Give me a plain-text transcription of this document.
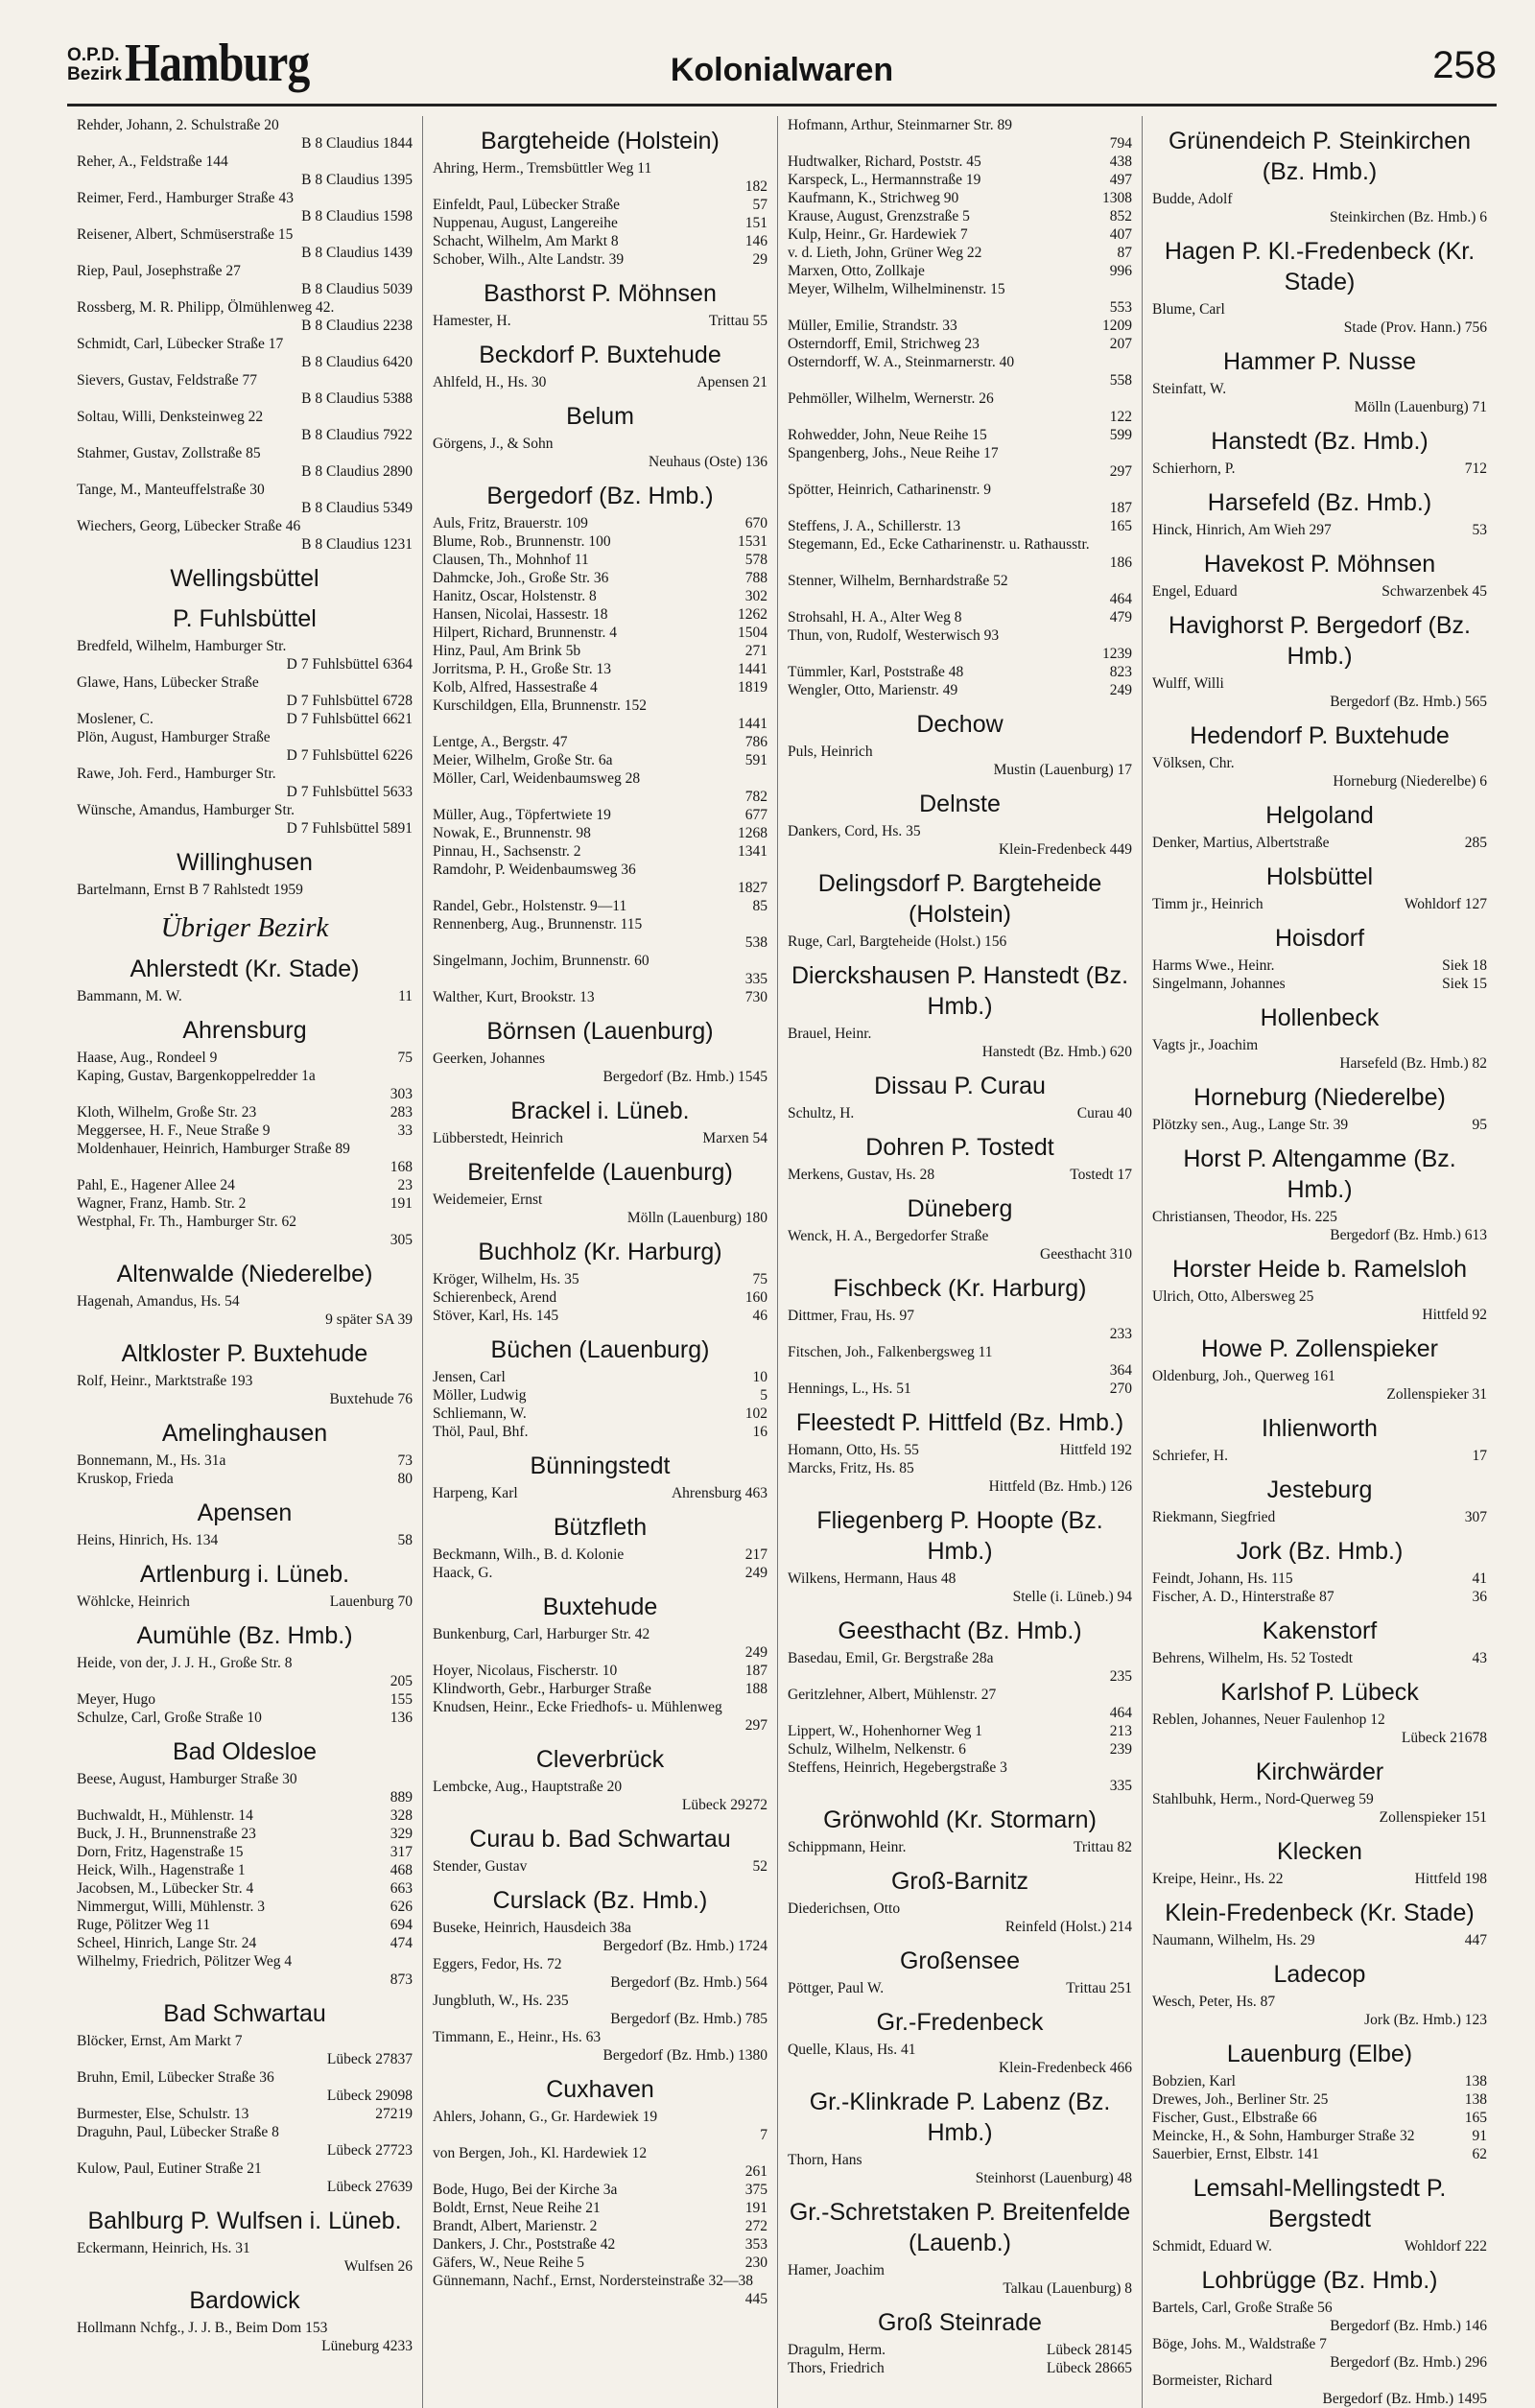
O.P.D.
Bezirk Hamburg	Kolonialwaren	258
Rehder, Johann, 2. Schulstraße 20
B 8 Claudius 1844
Reher, A., Feldstraße 144
B 8 Claudius 1395
Reimer, Ferd., Hamburger Straße 43
B 8 Claudius 1598
Reisener, Albert, Schmüserstraße 15
B 8 Claudius 1439
Riep, Paul, Josephstraße 27
B 8 Claudius 5039
Rossberg, M. R. Philipp, Ölmühlenweg 42.
B 8 Claudius 2238
Schmidt, Carl, Lübecker Straße 17
B 8 Claudius 6420
Sievers, Gustav, Feldstraße 77
B 8 Claudius 5388
Soltau, Willi, Denksteinweg 22
B 8 Claudius 7922
Stahmer, Gustav, Zollstraße 85
B 8 Claudius 2890
Tange, M., Manteuffelstraße 30
B 8 Claudius 5349
Wiechers, Georg, Lübecker Straße 46
B 8 Claudius 1231
Wellingsbüttel
P. Fuhlsbüttel
Bredfeld, Wilhelm, Hamburger Str.
D 7 Fuhlsbüttel 6364
Glawe, Hans, Lübecker Straße
D 7 Fuhlsbüttel 6728
Moslener, C.	D 7 Fuhlsbüttel 6621
Plön, August, Hamburger Straße
D 7 Fuhlsbüttel 6226
Rawe, Joh. Ferd., Hamburger Str.
D 7 Fuhlsbüttel 5633
Wünsche, Amandus, Hamburger Str.
D 7 Fuhlsbüttel 5891
Willinghusen
Bartelmann, Ernst B 7 Rahlstedt 1959
Übriger Bezirk
Ahlerstedt (Kr. Stade)
Bammann, M. W.	11
Ahrensburg
Haase, Aug., Rondeel 9	75
Kaping, Gustav, Bargenkoppelredder 1a
303
Kloth, Wilhelm, Große Str. 23	283
Meggersee, H. F., Neue Straße 9	33
Moldenhauer, Heinrich, Hamburger Straße 89
168
Pahl, E., Hagener Allee 24	23
Wagner, Franz, Hamb. Str. 2	191
Westphal, Fr. Th., Hamburger Str. 62
305
Altenwalde (Niederelbe)
Hagenah, Amandus, Hs. 54
9 später SA 39
Altkloster P. Buxtehude
Rolf, Heinr., Marktstraße 193
Buxtehude 76
Amelinghausen
Bonnemann, M., Hs. 31a	73
Kruskop, Frieda	80
Apensen
Heins, Hinrich, Hs. 134	58
Artlenburg i. Lüneb.
Wöhlcke, Heinrich	Lauenburg 70
Aumühle (Bz. Hmb.)
Heide, von der, J. J. H., Große Str. 8
205
Meyer, Hugo	155
Schulze, Carl, Große Straße 10	136
Bad Oldesloe
Beese, August, Hamburger Straße 30
889
Buchwaldt, H., Mühlenstr. 14	328
Buck, J. H., Brunnenstraße 23	329
Dorn, Fritz, Hagenstraße 15	317
Heick, Wilh., Hagenstraße 1	468
Jacobsen, M., Lübecker Str. 4	663
Nimmergut, Willi, Mühlenstr. 3	626
Ruge, Pölitzer Weg 11	694
Scheel, Hinrich, Lange Str. 24	474
Wilhelmy, Friedrich, Pölitzer Weg 4
873
Bad Schwartau
Blöcker, Ernst, Am Markt 7
Lübeck 27837
Bruhn, Emil, Lübecker Straße 36
Lübeck 29098
Burmester, Else, Schulstr. 13	27219
Draguhn, Paul, Lübecker Straße 8
Lübeck 27723
Kulow, Paul, Eutiner Straße 21
Lübeck 27639
Bahlburg P. Wulfsen i. Lüneb.
Eckermann, Heinrich, Hs. 31
Wulfsen 26
Bardowick
Hollmann Nchfg., J. J. B., Beim Dom 153
Lüneburg 4233
Bargteheide (Holstein)
Ahring, Herm., Tremsbüttler Weg 11
182
Einfeldt, Paul, Lübecker Straße	57
Nuppenau, August, Langereihe	151
Schacht, Wilhelm, Am Markt 8	146
Schober, Wilh., Alte Landstr. 39	29
Basthorst P. Möhnsen
Hamester, H.	Trittau 55
Beckdorf P. Buxtehude
Ahlfeld, H., Hs. 30	Apensen 21
Belum
Görgens, J., & Sohn
Neuhaus (Oste) 136
Bergedorf (Bz. Hmb.)
Auls, Fritz, Brauerstr. 109	670
Blume, Rob., Brunnenstr. 100	1531
Clausen, Th., Mohnhof 11	578
Dahmcke, Joh., Große Str. 36	788
Hanitz, Oscar, Holstenstr. 8	302
Hansen, Nicolai, Hassestr. 18	1262
Hilpert, Richard, Brunnenstr. 4	1504
Hinz, Paul, Am Brink 5b	271
Jorritsma, P. H., Große Str. 13	1441
Kolb, Alfred, Hassestraße 4	1819
Kurschildgen, Ella, Brunnenstr. 152
1441
Lentge, A., Bergstr. 47	786
Meier, Wilhelm, Große Str. 6a	591
Möller, Carl, Weidenbaumsweg 28
782
Müller, Aug., Töpfertwiete 19	677
Nowak, E., Brunnenstr. 98	1268
Pinnau, H., Sachsenstr. 2	1341
Ramdohr, P. Weidenbaumsweg 36
1827
Randel, Gebr., Holstenstr. 9—11	85
Rennenberg, Aug., Brunnenstr. 115
538
Singelmann, Jochim, Brunnenstr. 60
335
Walther, Kurt, Brookstr. 13	730
Börnsen (Lauenburg)
Geerken, Johannes
Bergedorf (Bz. Hmb.) 1545
Brackel i. Lüneb.
Lübberstedt, Heinrich	Marxen 54
Breitenfelde (Lauenburg)
Weidemeier, Ernst
Mölln (Lauenburg) 180
Buchholz (Kr. Harburg)
Kröger, Wilhelm, Hs. 35	75
Schierenbeck, Arend	160
Stöver, Karl, Hs. 145	46
Büchen (Lauenburg)
Jensen, Carl	10
Möller, Ludwig	5
Schliemann, W.	102
Thöl, Paul, Bhf.	16
Bünningstedt
Harpeng, Karl	Ahrensburg 463
Bützfleth
Beckmann, Wilh., B. d. Kolonie	217
Haack, G.	249
Buxtehude
Bunkenburg, Carl, Harburger Str. 42
249
Hoyer, Nicolaus, Fischerstr. 10	187
Klindworth, Gebr., Harburger Straße	188
Knudsen, Heinr., Ecke Friedhofs- u. Mühlenweg
297
Cleverbrück
Lembcke, Aug., Hauptstraße 20
Lübeck 29272
Curau b. Bad Schwartau
Stender, Gustav	52
Curslack (Bz. Hmb.)
Buseke, Heinrich, Hausdeich 38a
Bergedorf (Bz. Hmb.) 1724
Eggers, Fedor, Hs. 72
Bergedorf (Bz. Hmb.) 564
Jungbluth, W., Hs. 235
Bergedorf (Bz. Hmb.) 785
Timmann, E., Heinr., Hs. 63
Bergedorf (Bz. Hmb.) 1380
Cuxhaven
Ahlers, Johann, G., Gr. Hardewiek 19
7
von Bergen, Joh., Kl. Hardewiek 12
261
Bode, Hugo, Bei der Kirche 3a	375
Boldt, Ernst, Neue Reihe 21	191
Brandt, Albert, Marienstr. 2	272
Dankers, J. Chr., Poststraße 42	353
Gäfers, W., Neue Reihe 5	230
Günnemann, Nachf., Ernst, Nordersteinstraße 32—38
445
Hofmann, Arthur, Steinmarner Str. 89
794
Hudtwalker, Richard, Poststr. 45	438
Karspeck, L., Hermannstraße 19	497
Kaufmann, K., Strichweg 90	1308
Krause, August, Grenzstraße 5	852
Kulp, Heinr., Gr. Hardewiek 7	407
v. d. Lieth, John, Grüner Weg 22	87
Marxen, Otto, Zollkaje	996
Meyer, Wilhelm, Wilhelminenstr. 15
553
Müller, Emilie, Strandstr. 33	1209
Osterndorff, Emil, Strichweg 23	207
Osterndorff, W. A., Steinmarnerstr. 40
558
Pehmöller, Wilhelm, Wernerstr. 26
122
Rohwedder, John, Neue Reihe 15	599
Spangenberg, Johs., Neue Reihe 17
297
Spötter, Heinrich, Catharinenstr. 9
187
Steffens, J. A., Schillerstr. 13	165
Stegemann, Ed., Ecke Catharinenstr. u. Rathausstr.
186
Stenner, Wilhelm, Bernhardstraße 52
464
Strohsahl, H. A., Alter Weg 8	479
Thun, von, Rudolf, Westerwisch 93
1239
Tümmler, Karl, Poststraße 48	823
Wengler, Otto, Marienstr. 49	249
Dechow
Puls, Heinrich
Mustin (Lauenburg) 17
Delnste
Dankers, Cord, Hs. 35
Klein-Fredenbeck 449
Delingsdorf P. Bargteheide (Holstein)
Ruge, Carl, Bargteheide (Holst.) 156
Dierckshausen P. Hanstedt (Bz. Hmb.)
Brauel, Heinr.
Hanstedt (Bz. Hmb.) 620
Dissau P. Curau
Schultz, H.	Curau 40
Dohren P. Tostedt
Merkens, Gustav, Hs. 28	Tostedt 17
Düneberg
Wenck, H. A., Bergedorfer Straße
Geesthacht 310
Fischbeck (Kr. Harburg)
Dittmer, Frau, Hs. 97
233
Fitschen, Joh., Falkenbergsweg 11
364
Hennings, L., Hs. 51	270
Fleestedt P. Hittfeld (Bz. Hmb.)
Homann, Otto, Hs. 55	Hittfeld 192
Marcks, Fritz, Hs. 85
Hittfeld (Bz. Hmb.) 126
Fliegenberg P. Hoopte (Bz. Hmb.)
Wilkens, Hermann, Haus 48
Stelle (i. Lüneb.) 94
Geesthacht (Bz. Hmb.)
Basedau, Emil, Gr. Bergstraße 28a
235
Geritzlehner, Albert, Mühlenstr. 27
464
Lippert, W., Hohenhorner Weg 1	213
Schulz, Wilhelm, Nelkenstr. 6	239
Steffens, Heinrich, Hegebergstraße 3
335
Grönwohld (Kr. Stormarn)
Schippmann, Heinr.	Trittau 82
Groß-Barnitz
Diederichsen, Otto
Reinfeld (Holst.) 214
Großensee
Pöttger, Paul W.	Trittau 251
Gr.-Fredenbeck
Quelle, Klaus, Hs. 41
Klein-Fredenbeck 466
Gr.-Klinkrade P. Labenz (Bz. Hmb.)
Thorn, Hans
Steinhorst (Lauenburg) 48
Gr.-Schretstaken P. Breitenfelde (Lauenb.)
Hamer, Joachim
Talkau (Lauenburg) 8
Groß Steinrade
Dragulm, Herm.	Lübeck 28145
Thors, Friedrich	Lübeck 28665
Grünendeich P. Steinkirchen (Bz. Hmb.)
Budde, Adolf
Steinkirchen (Bz. Hmb.) 6
Hagen P. Kl.-Fredenbeck (Kr. Stade)
Blume, Carl
Stade (Prov. Hann.) 756
Hammer P. Nusse
Steinfatt, W.
Mölln (Lauenburg) 71
Hanstedt (Bz. Hmb.)
Schierhorn, P.	712
Harsefeld (Bz. Hmb.)
Hinck, Hinrich, Am Wieh 297	53
Havekost P. Möhnsen
Engel, Eduard	Schwarzenbek 45
Havighorst P. Bergedorf (Bz. Hmb.)
Wulff, Willi
Bergedorf (Bz. Hmb.) 565
Hedendorf P. Buxtehude
Völksen, Chr.
Horneburg (Niederelbe) 6
Helgoland
Denker, Martius, Albertstraße	285
Holsbüttel
Timm jr., Heinrich	Wohldorf 127
Hoisdorf
Harms Wwe., Heinr.	Siek 18
Singelmann, Johannes	Siek 15
Hollenbeck
Vagts jr., Joachim
Harsefeld (Bz. Hmb.) 82
Horneburg (Niederelbe)
Plötzky sen., Aug., Lange Str. 39	95
Horst P. Altengamme (Bz. Hmb.)
Christiansen, Theodor, Hs. 225
Bergedorf (Bz. Hmb.) 613
Horster Heide b. Ramelsloh
Ulrich, Otto, Albersweg 25
Hittfeld 92
Howe P. Zollenspieker
Oldenburg, Joh., Querweg 161
Zollenspieker 31
Ihlienworth
Schriefer, H.	17
Jesteburg
Riekmann, Siegfried	307
Jork (Bz. Hmb.)
Feindt, Johann, Hs. 115	41
Fischer, A. D., Hinterstraße 87	36
Kakenstorf
Behrens, Wilhelm, Hs. 52 Tostedt	43
Karlshof P. Lübeck
Reblen, Johannes, Neuer Faulenhop 12
Lübeck 21678
Kirchwärder
Stahlbuhk, Herm., Nord-Querweg 59
Zollenspieker 151
Klecken
Kreipe, Heinr., Hs. 22	Hittfeld 198
Klein-Fredenbeck (Kr. Stade)
Naumann, Wilhelm, Hs. 29	447
Ladecop
Wesch, Peter, Hs. 87
Jork (Bz. Hmb.) 123
Lauenburg (Elbe)
Bobzien, Karl	138
Drewes, Joh., Berliner Str. 25	138
Fischer, Gust., Elbstraße 66	165
Meincke, H., & Sohn, Hamburger Straße 32	91
Sauerbier, Ernst, Elbstr. 141	62
Lemsahl-Mellingstedt P. Bergstedt
Schmidt, Eduard W.	Wohldorf 222
Lohbrügge (Bz. Hmb.)
Bartels, Carl, Große Straße 56
Bergedorf (Bz. Hmb.) 146
Böge, Johs. M., Waldstraße 7
Bergedorf (Bz. Hmb.) 296
Bormeister, Richard
Bergedorf (Bz. Hmb.) 1495
